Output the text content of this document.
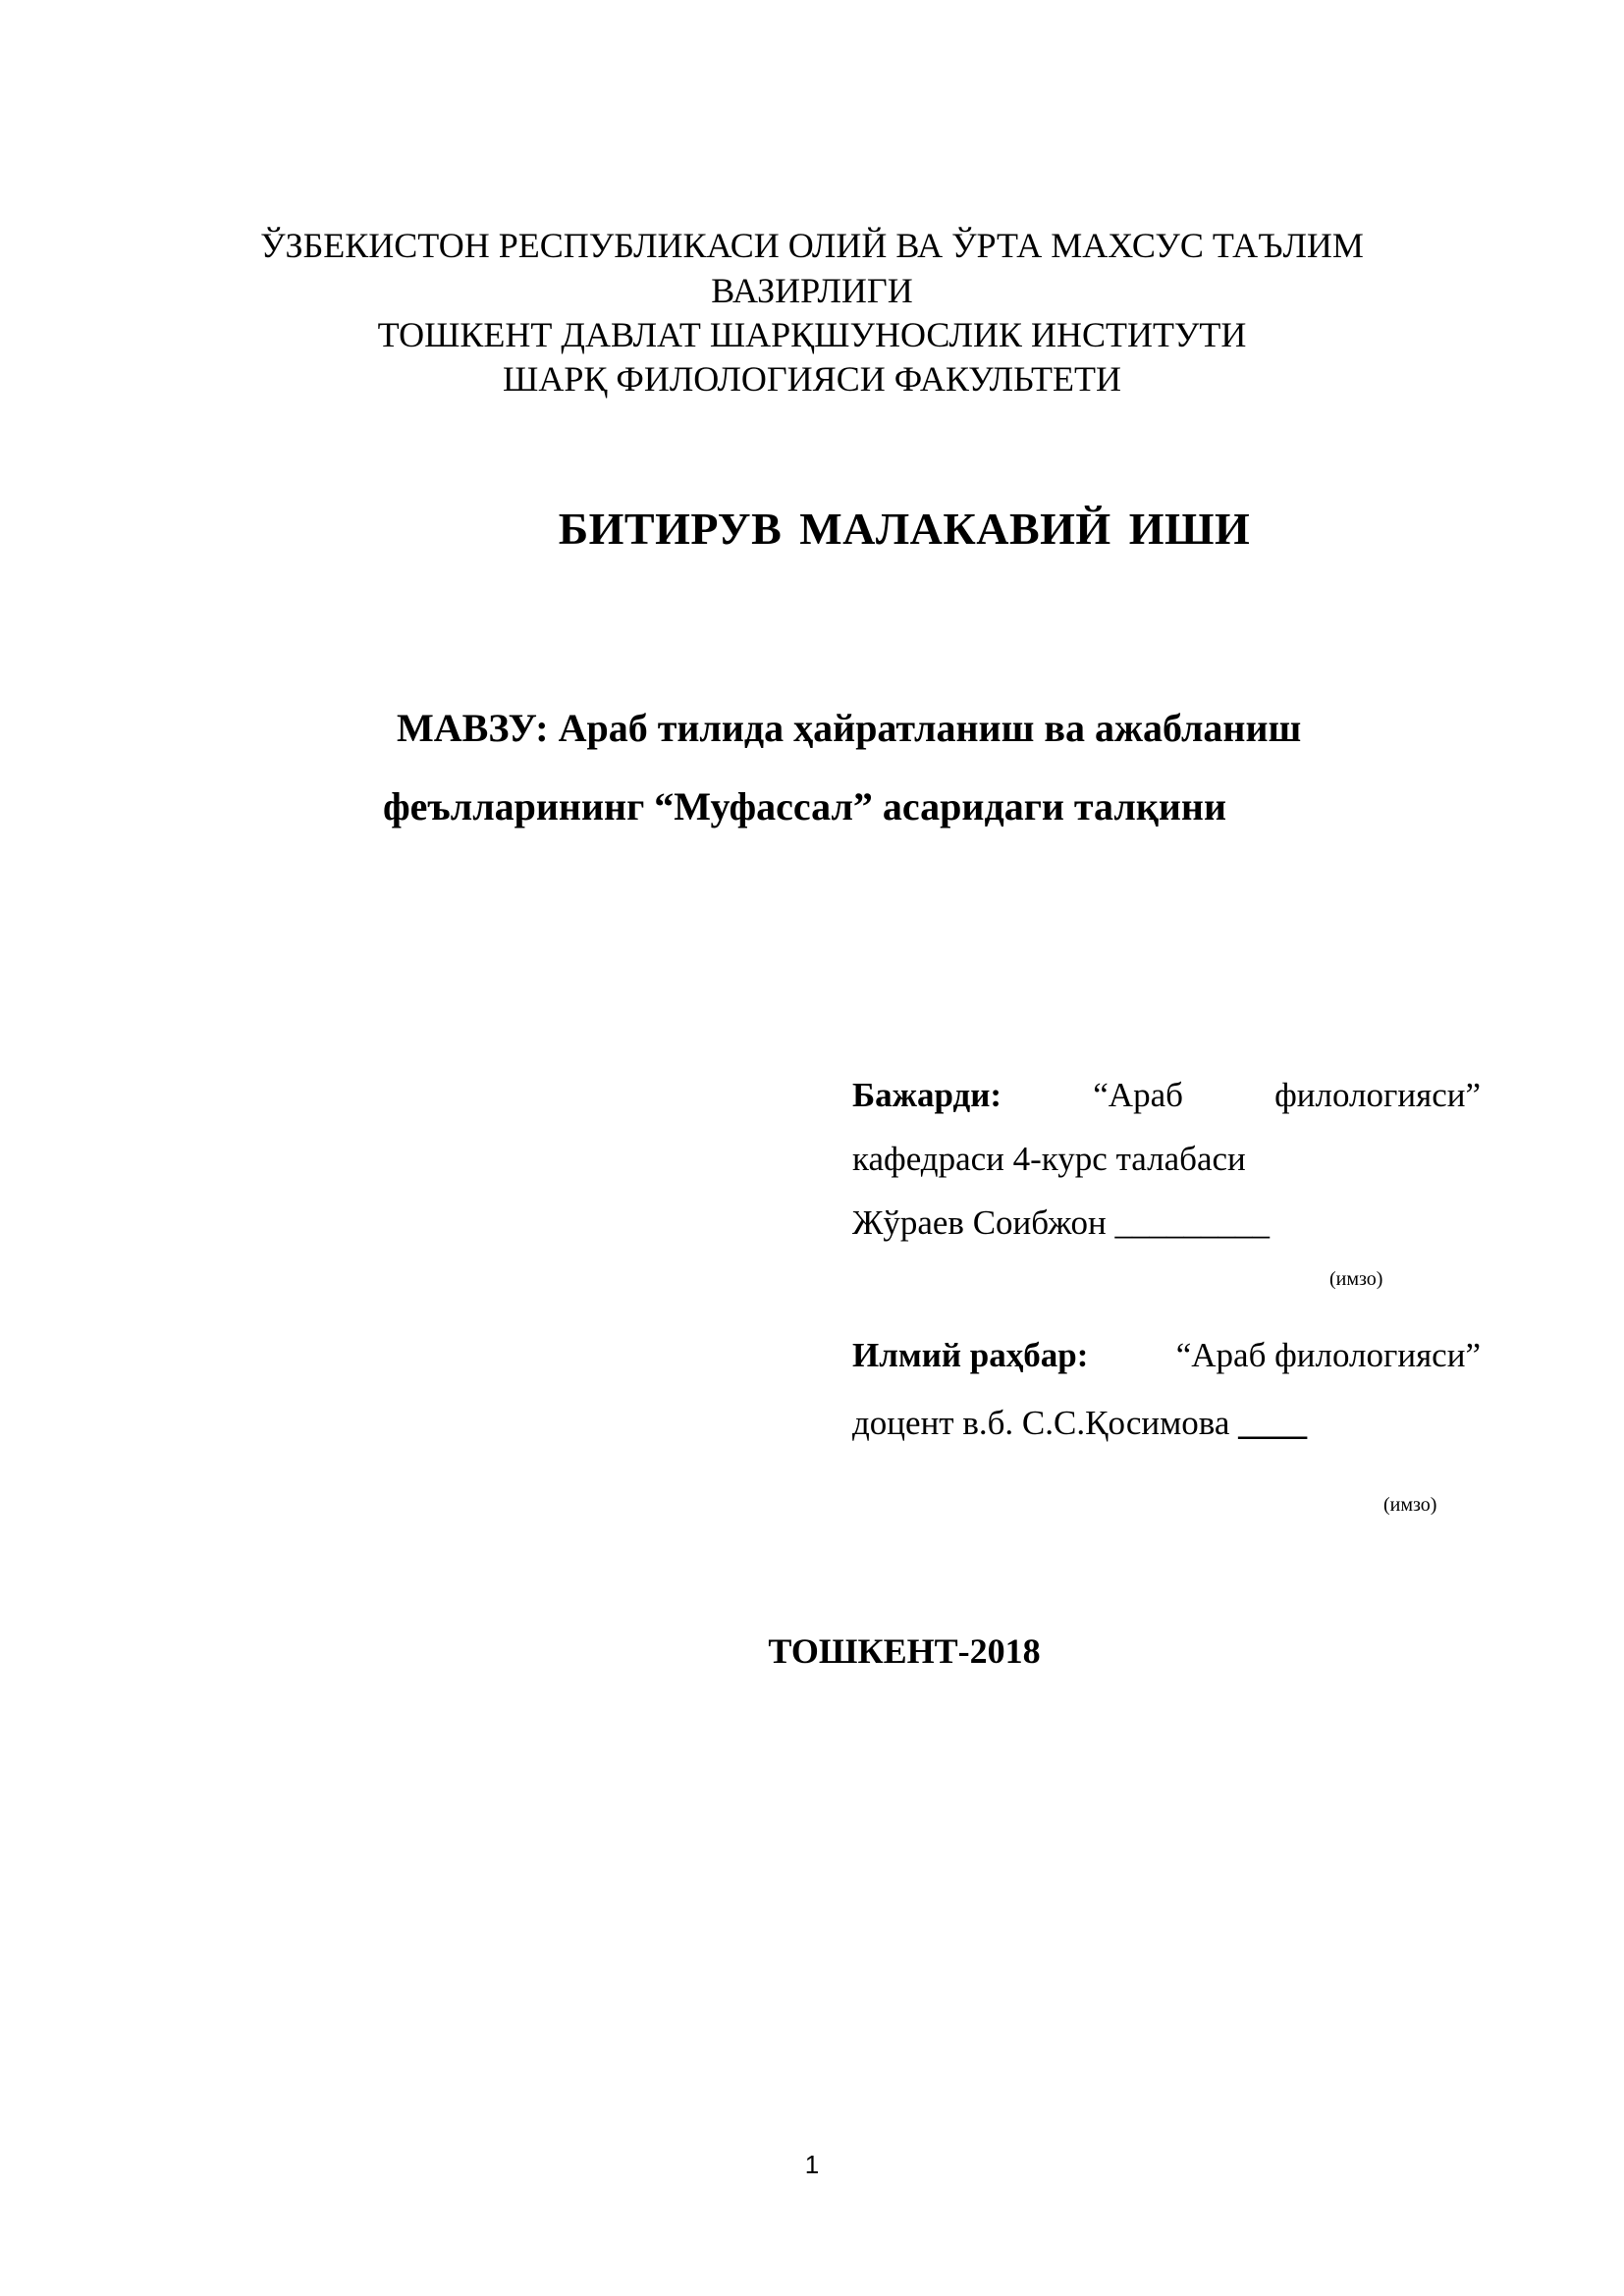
ЎЗБЕКИСТОН РЕСПУБЛИКАСИ ОЛИЙ ВА ЎРТА МАХСУС ТАЪЛИМ
ВАЗИРЛИГИ
ТОШКЕНТ ДАВЛАТ ШАРҚШУНОСЛИК ИНСТИТУТИ
ШАРҚ ФИЛОЛОГИЯСИ ФАКУЛЬТЕТИ
БИТИРУВ МАЛАКАВИЙ ИШИ
МАВЗУ: Араб тилида ҳайратланиш ва ажабланиш
феълларининг “Муфассал” асаридаги талқини
Бажарди:	“Араб	филологияси”
кафедраси 4-курс талабаси
Жўраев Соибжон _________
(имзо)
Илмий раҳбар:	“Араб филологияси”
доцент в.б. С.С.Қосимова ____
(имзо)
ТОШКЕНТ-2018
1
